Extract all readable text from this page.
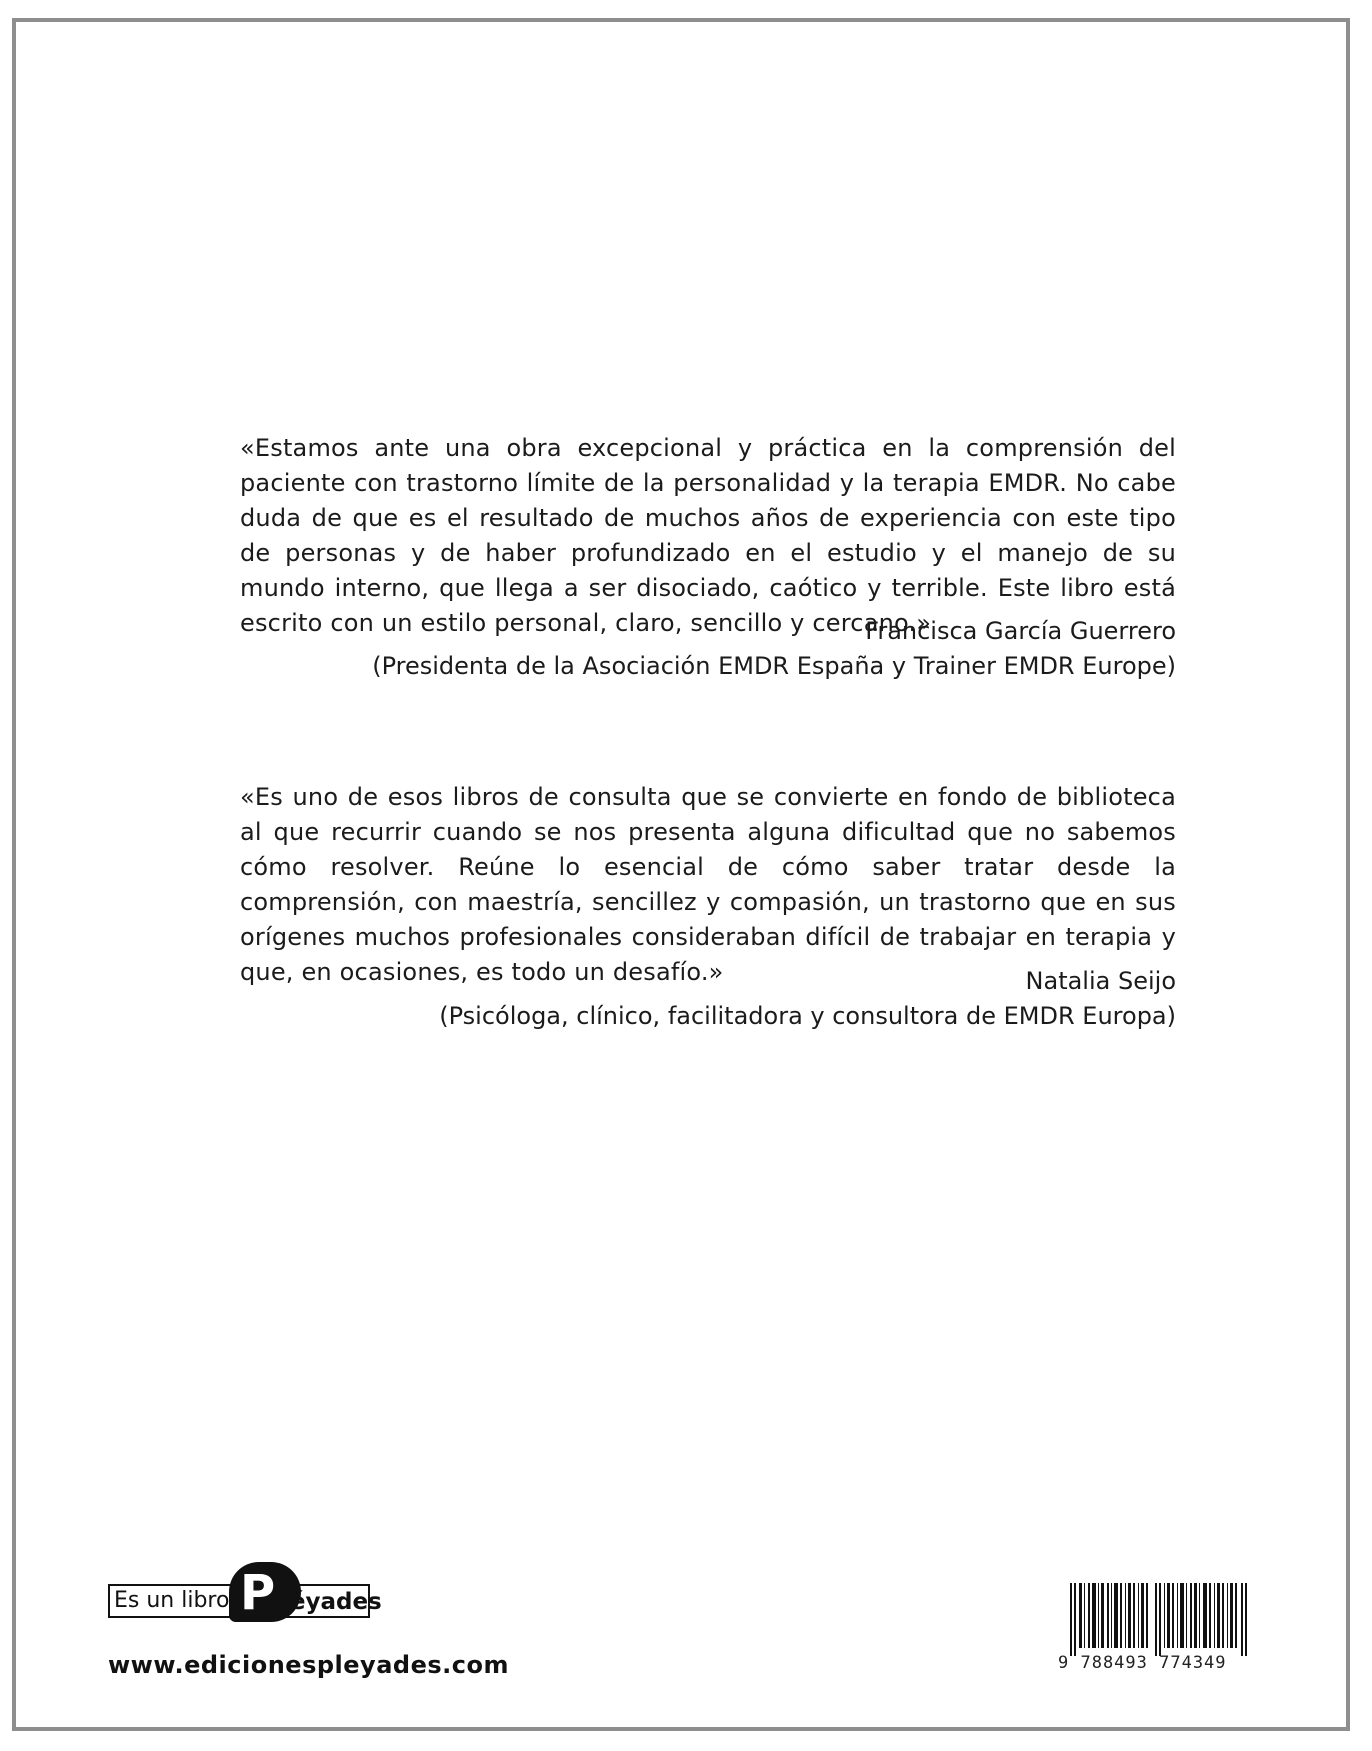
«Estamos ante una obra excepcional y práctica en la comprensión del paciente con trastorno límite de la personalidad y la terapia EMDR. No cabe duda de que es el resultado de muchos años de experiencia con este tipo de personas y de haber profundizado en el estudio y el manejo de su mundo interno, que llega a ser disociado, caótico y terrible. Este libro está escrito con un estilo personal, claro, sencillo y cercano.»

Francisca García Guerrero
(Presidenta de la Asociación EMDR España y Trainer EMDR Europe)

«Es uno de esos libros de consulta que se convierte en fondo de biblioteca al que recurrir cuando se nos presenta alguna dificultad que no sabemos cómo resolver. Reúne lo esencial de cómo saber tratar desde la comprensión, con maestría, sencillez y compasión, un trastorno que en sus orígenes muchos profesionales consideraban difícil de trabajar en terapia y que, en ocasiones, es todo un desafío.»	Natalia Seijo
(Psicóloga, clínico, facilitadora y consultora de EMDR Europa)
Es un libro P léyades
www.edicionespleyades.com	9 788493 774349
